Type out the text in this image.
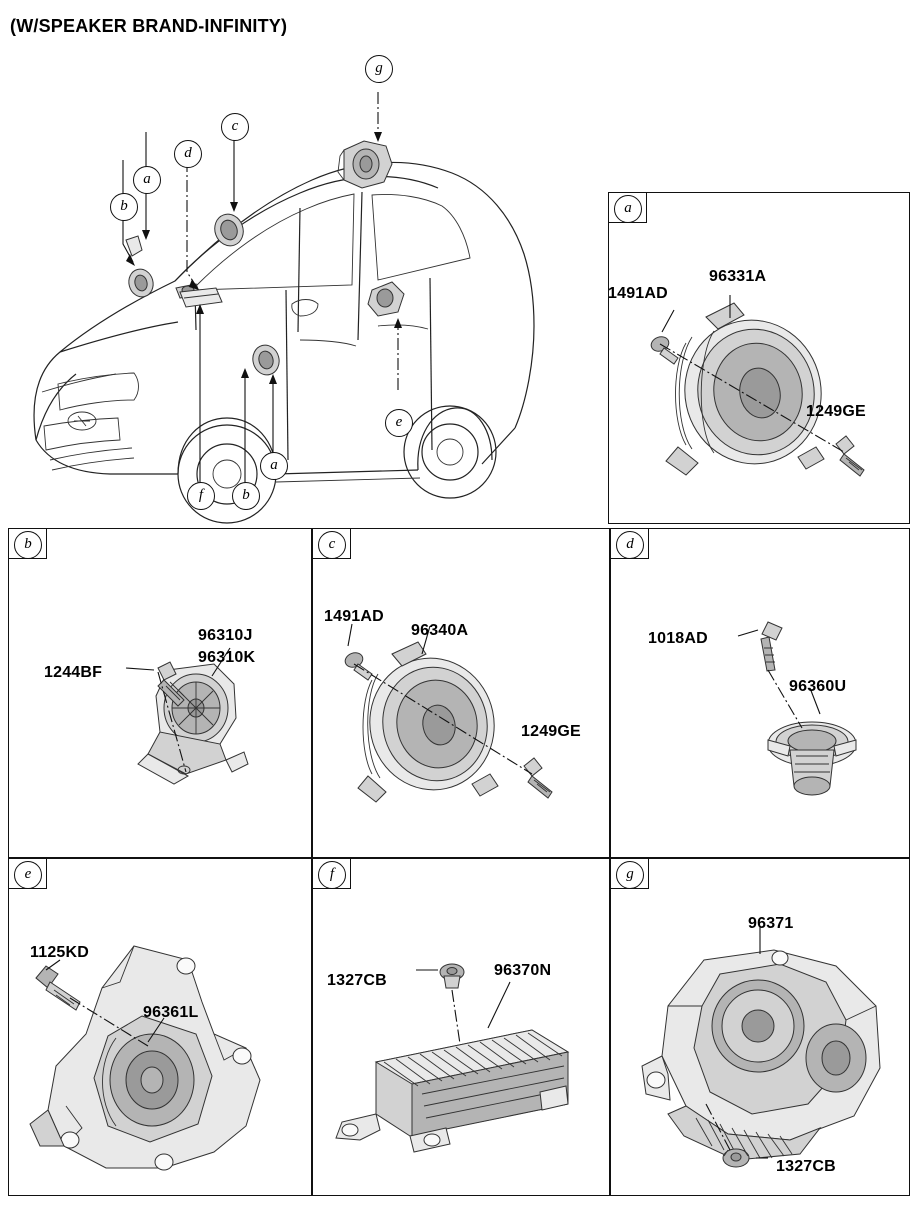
(W/SPEAKER BRAND-INFINITY)
a
b
d
c
g
e
a
b
f
a
1491AD
96331A
1249GE
b
1244BF
96310J
96310K
c
1491AD
96340A
1249GE
d
1018AD
96360U
e
1125KD
96361L
f
1327CB
96370N
g
96371
1327CB
